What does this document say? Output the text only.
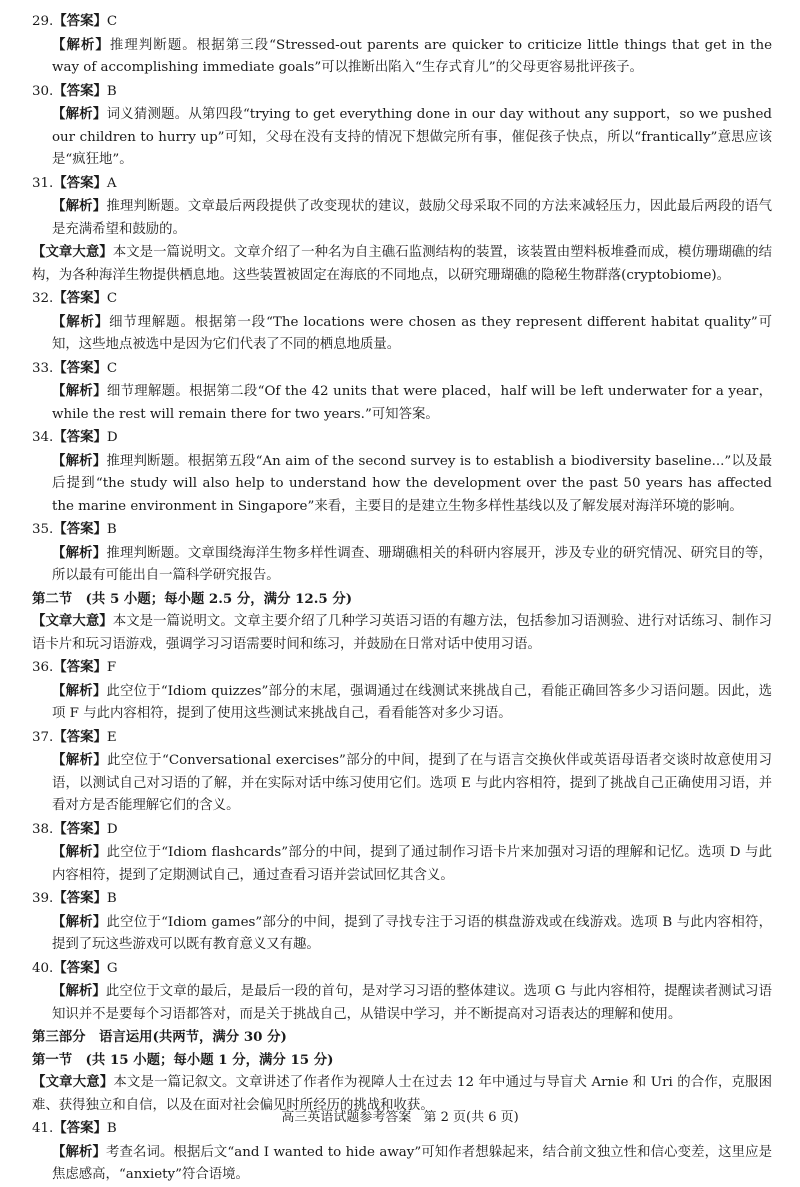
29.【答案】C
【解析】推理判断题。根据第三段“Stressed-out parents are quicker to criticize little things that get in the way of accomplishing immediate goals”可以推断出陷入“生存式育儿”的父母更容易批评孩子。
30.【答案】B
【解析】词义猜测题。从第四段“trying to get everything done in our day without any support，so we pushed our children to hurry up”可知，父母在没有支持的情况下想做完所有事，催促孩子快点，所以“frantically”意思应该是“疯狂地”。
31.【答案】A
【解析】推理判断题。文章最后两段提供了改变现状的建议，鼓励父母采取不同的方法来减轻压力，因此最后两段的语气是充满希望和鼓励的。
【文章大意】本文是一篇说明文。文章介绍了一种名为自主礁石监测结构的装置，该装置由塑料板堆叠而成，模仿珊瑚礁的结构，为各种海洋生物提供栖息地。这些装置被固定在海底的不同地点，以研究珊瑚礁的隐秘生物群落(cryptobiome)。
32.【答案】C
【解析】细节理解题。根据第一段“The locations were chosen as they represent different habitat quality”可知，这些地点被选中是因为它们代表了不同的栖息地质量。
33.【答案】C
【解析】细节理解题。根据第二段“Of the 42 units that were placed，half will be left underwater for a year，while the rest will remain there for two years.”可知答案。
34.【答案】D
【解析】推理判断题。根据第五段“An aim of the second survey is to establish a biodiversity baseline...”以及最后提到“the study will also help to understand how the development over the past 50 years has affected the marine environment in Singapore”来看，主要目的是建立生物多样性基线以及了解发展对海洋环境的影响。
35.【答案】B
【解析】推理判断题。文章围绕海洋生物多样性调查、珊瑚礁相关的科研内容展开，涉及专业的研究情况、研究目的等，所以最有可能出自一篇科学研究报告。
第二节　(共 5 小题；每小题 2.5 分，满分 12.5 分)
【文章大意】本文是一篇说明文。文章主要介绍了几种学习英语习语的有趣方法，包括参加习语测验、进行对话练习、制作习语卡片和玩习语游戏，强调学习习语需要时间和练习，并鼓励在日常对话中使用习语。
36.【答案】F
【解析】此空位于“Idiom quizzes”部分的末尾，强调通过在线测试来挑战自己，看能正确回答多少习语问题。因此，选项 F 与此内容相符，提到了使用这些测试来挑战自己，看看能答对多少习语。
37.【答案】E
【解析】此空位于“Conversational exercises”部分的中间，提到了在与语言交换伙伴或英语母语者交谈时故意使用习语，以测试自己对习语的了解，并在实际对话中练习使用它们。选项 E 与此内容相符，提到了挑战自己正确使用习语，并看对方是否能理解它们的含义。
38.【答案】D
【解析】此空位于“Idiom flashcards”部分的中间，提到了通过制作习语卡片来加强对习语的理解和记忆。选项 D 与此内容相符，提到了定期测试自己，通过查看习语并尝试回忆其含义。
39.【答案】B
【解析】此空位于“Idiom games”部分的中间，提到了寻找专注于习语的棋盘游戏或在线游戏。选项 B 与此内容相符，提到了玩这些游戏可以既有教育意义又有趣。
40.【答案】G
【解析】此空位于文章的最后，是最后一段的首句，是对学习习语的整体建议。选项 G 与此内容相符，提醒读者测试习语知识并不是要每个习语都答对，而是关于挑战自己，从错误中学习，并不断提高对习语表达的理解和使用。
第三部分　语言运用(共两节，满分 30 分)
第一节　(共 15 小题；每小题 1 分，满分 15 分)
【文章大意】本文是一篇记叙文。文章讲述了作者作为视障人士在过去 12 年中通过与导盲犬 Arnie 和 Uri 的合作，克服困难、获得独立和自信，以及在面对社会偏见时所经历的挑战和收获。
41.【答案】B
【解析】考查名词。根据后文“and I wanted to hide away”可知作者想躲起来，结合前文独立性和信心变差，这里应是焦虑感高，“anxiety”符合语境。
高三英语试题参考答案 第 2 页(共 6 页)
